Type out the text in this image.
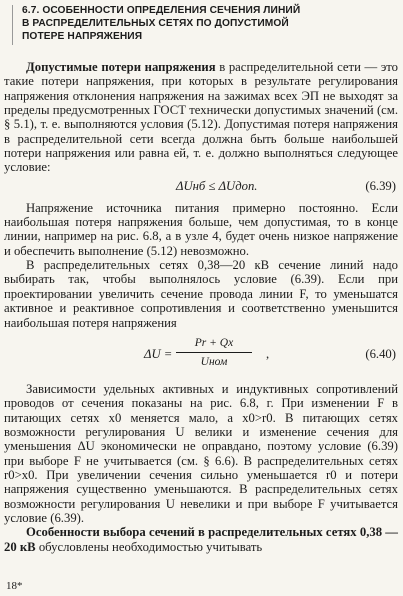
6.7. ОСОБЕННОСТИ ОПРЕДЕЛЕНИЯ СЕЧЕНИЯ ЛИНИЙ
В РАСПРЕДЕЛИТЕЛЬНЫХ СЕТЯХ ПО ДОПУСТИМОЙ
ПОТЕРЕ НАПРЯЖЕНИЯ

Допустимые потери напряжения в распределительной сети — это такие потери напряжения, при которых в результате регулирования напряжения отклонения напряжения на зажимах всех ЭП не выходят за пределы предусмотренных ГОСТ технически допустимых значений (см. § 5.1), т. е. выполняются условия (5.12). Допустимая потеря напряжения в распределительной сети всегда должна быть больше наибольшей потери напряжения или равна ей, т. е. должно выполняться следующее условие:

ΔUнб ≤ ΔUдоп.	(6.39)

Напряжение источника питания примерно постоянно. Если наибольшая потеря напряжения больше, чем допустимая, то в конце линии, например на рис. 6.8, а в узле 4, будет очень низкое напряжение и обеспечить выполнение (5.12) невозможно.

В распределительных сетях 0,38—20 кВ сечение линий надо выбирать так, чтобы выполнялось условие (6.39). Если при проектировании увеличить сечение провода линии F, то уменьшатся активное и реактивное сопротивления и соответственно уменьшится наибольшая потеря напряжения

ΔU =
Pr + Qx
Uном
,	(6.40)

Зависимости удельных активных и индуктивных сопротивлений проводов от сечения показаны на рис. 6.8, г. При изменении F в питающих сетях x0 меняется мало, а x0>r0. В питающих сетях возможности регулирования U велики и изменение сечения для уменьшения ΔU экономически не оправдано, поэтому условие (6.39) при выборе F не учитывается (см. § 6.6). В распределительных сетях r0>x0. При увеличении сечения сильно уменьшается r0 и потери напряжения существенно уменьшаются. В распределительных сетях возможности регулирования U невелики и при выборе F учитывается условие (6.39).

Особенности выбора сечений в распределительных сетях 0,38 — 20 кВ обусловлены необходимостью учитывать

18*
